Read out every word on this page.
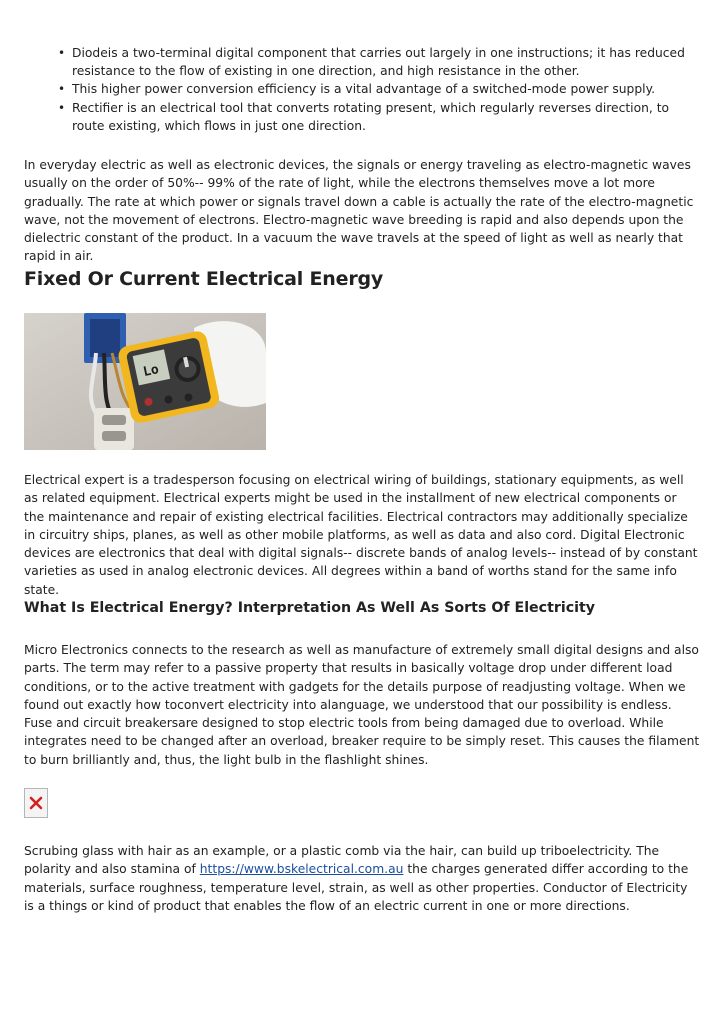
• Diodeis a two-terminal digital component that carries out largely in one instructions; it has reduced resistance to the flow of existing in one direction, and high resistance in the other.
• This higher power conversion efficiency is a vital advantage of a switched-mode power supply.
• Rectifier is an electrical tool that converts rotating present, which regularly reverses direction, to route existing, which flows in just one direction.

In everyday electric as well as electronic devices, the signals or energy traveling as electro-magnetic waves usually on the order of 50%-- 99% of the rate of light, while the electrons themselves move a lot more gradually. The rate at which power or signals travel down a cable is actually the rate of the electro-magnetic wave, not the movement of electrons. Electro-magnetic wave breeding is rapid and also depends upon the dielectric constant of the product. In a vacuum the wave travels at the speed of light as well as nearly that rapid in air.

Fixed Or Current Electrical Energy
Lo

Electrical expert is a tradesperson focusing on electrical wiring of buildings, stationary equipments, as well as related equipment. Electrical experts might be used in the installment of new electrical components or the maintenance and repair of existing electrical facilities. Electrical contractors may additionally specialize in circuitry ships, planes, as well as other mobile platforms, as well as data and also cord. Digital Electronic devices are electronics that deal with digital signals-- discrete bands of analog levels-- instead of by constant varieties as used in analog electronic devices. All degrees within a band of worths stand for the same info state.

What Is Electrical Energy? Interpretation As Well As Sorts Of Electricity

Micro Electronics connects to the research as well as manufacture of extremely small digital designs and also parts. The term may refer to a passive property that results in basically voltage drop under different load conditions, or to the active treatment with gadgets for the details purpose of readjusting voltage. When we found out exactly how toconvert electricity into alanguage, we understood that our possibility is endless. Fuse and circuit breakersare designed to stop electric tools from being damaged due to overload. While integrates need to be changed after an overload, breaker require to be simply reset. This causes the filament to burn brilliantly and, thus, the light bulb in the flashlight shines.

Scrubing glass with hair as an example, or a plastic comb via the hair, can build up triboelectricity. The polarity and also stamina of https://www.bskelectrical.com.au the charges generated differ according to the materials, surface roughness, temperature level, strain, as well as other properties. Conductor of Electricity is a things or kind of product that enables the flow of an electric current in one or more directions.
